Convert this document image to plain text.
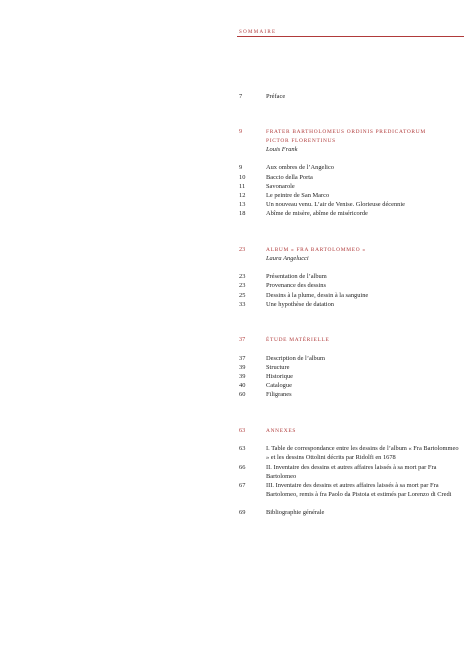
SOMMAIRE
7	Préface
9	FRATER BARTHOLOMEUS ORDINIS PREDICATORUM
PICTOR FLORENTINUS
Louis Frank
9	Aux ombres de l’Angelico
10	Baccio della Porta
11	Savonarole
12	Le peintre de San Marco
13	Un nouveau venu. L’air de Venise. Glorieuse décennie
18	Abîme de misère, abîme de miséricorde
23	ALBUM « FRA BARTOLOMMEO »
Laura Angelucci
23	Présentation de l’album
23	Provenance des dessins
25	Dessins à la plume, dessin à la sanguine
33	Une hypothèse de datation
37	ÉTUDE MATÉRIELLE
37	Description de l’album
39	Structure
39	Historique
40	Catalogue
60	Filigranes
63	ANNEXES
63	I. Table de correspondance entre les dessins de l’album « Fra Bartolommeo » et les dessins Ottolini décrits par Ridolfi en 1678
66	II. Inventaire des dessins et autres affaires laissés à sa mort par Fra Bartolomeo
67	III. Inventaire des dessins et autres affaires laissés à sa mort par Fra Bartolomeo, remis à fra Paolo da Pistoia et estimés par Lorenzo di Credi
69	Bibliographie générale
